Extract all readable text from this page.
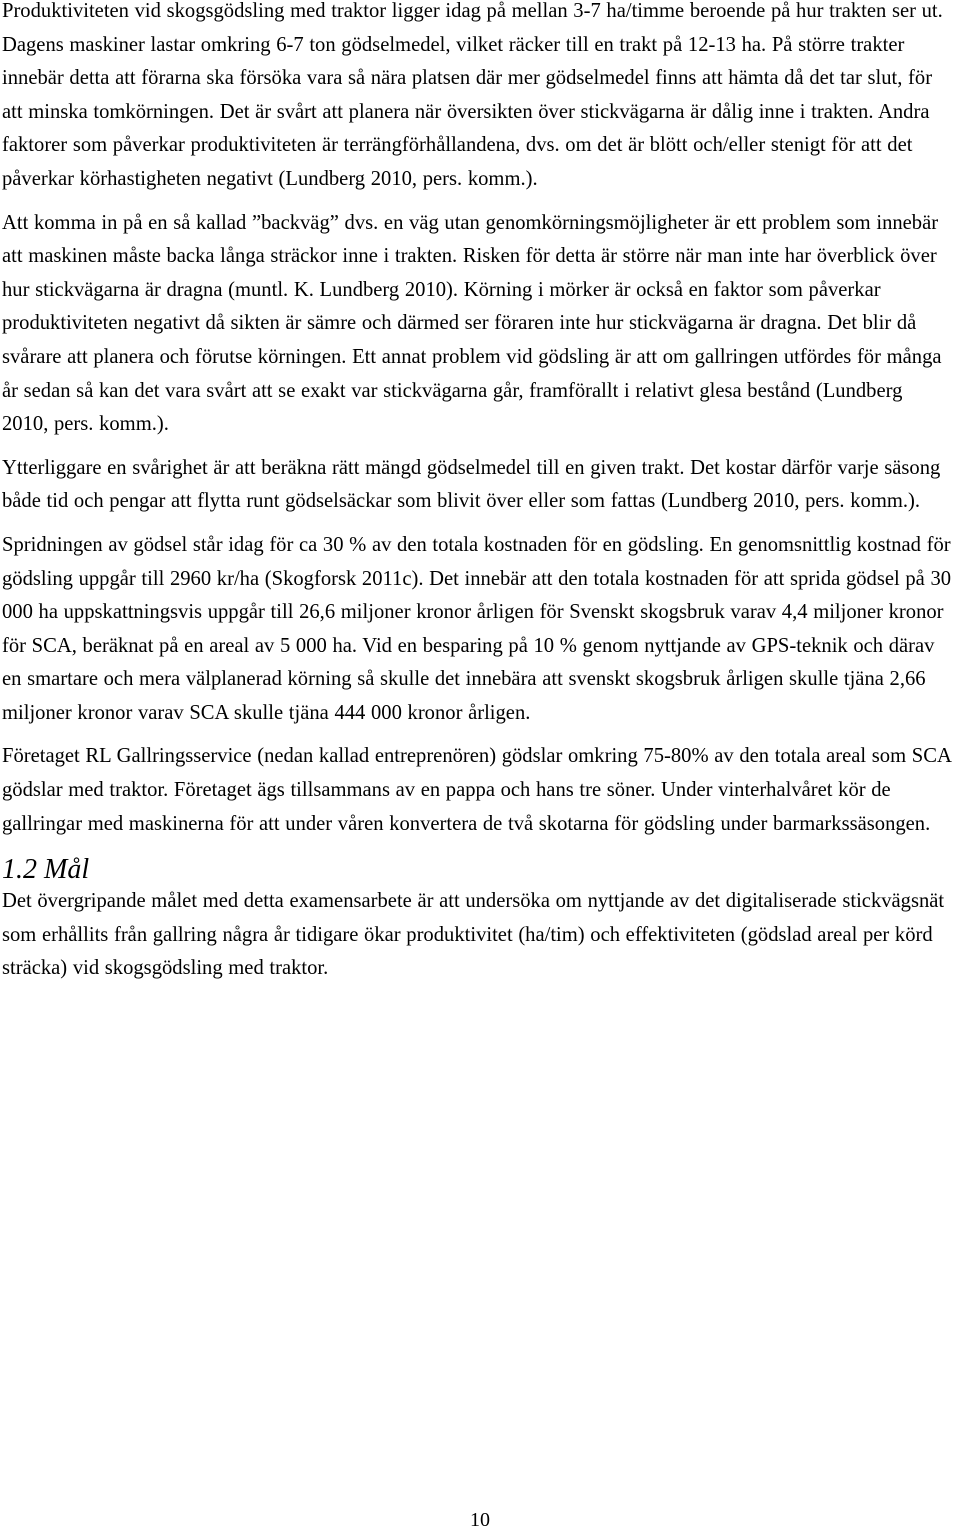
Produktiviteten vid skogsgödsling med traktor ligger idag på mellan 3-7 ha/timme beroende på hur trakten ser ut. Dagens maskiner lastar omkring 6-7 ton gödselmedel, vilket räcker till en trakt på 12-13 ha. På större trakter innebär detta att förarna ska försöka vara så nära platsen där mer gödselmedel finns att hämta då det tar slut, för att minska tomkörningen. Det är svårt att planera när översikten över stickvägarna är dålig inne i trakten. Andra faktorer som påverkar produktiviteten är terrängförhållandena, dvs. om det är blött och/eller stenigt för att det påverkar körhastigheten negativt (Lundberg 2010, pers. komm.).

Att komma in på en så kallad ”backväg” dvs. en väg utan genomkörningsmöjligheter är ett problem som innebär att maskinen måste backa långa sträckor inne i trakten. Risken för detta är större när man inte har överblick över hur stickvägarna är dragna (muntl. K. Lundberg 2010). Körning i mörker är också en faktor som påverkar produktiviteten negativt då sikten är sämre och därmed ser föraren inte hur stickvägarna är dragna. Det blir då svårare att planera och förutse körningen. Ett annat problem vid gödsling är att om gallringen utfördes för många år sedan så kan det vara svårt att se exakt var stickvägarna går, framförallt i relativt glesa bestånd (Lundberg 2010, pers. komm.).

Ytterliggare en svårighet är att beräkna rätt mängd gödselmedel till en given trakt. Det kostar därför varje säsong både tid och pengar att flytta runt gödselsäckar som blivit över eller som fattas (Lundberg 2010, pers. komm.).

Spridningen av gödsel står idag för ca 30 % av den totala kostnaden för en gödsling. En genomsnittlig kostnad för gödsling uppgår till 2960 kr/ha (Skogforsk 2011c). Det innebär att den totala kostnaden för att sprida gödsel på 30 000 ha uppskattningsvis uppgår till 26,6 miljoner kronor årligen för Svenskt skogsbruk varav 4,4 miljoner kronor för SCA, beräknat på en areal av 5 000 ha. Vid en besparing på 10 % genom nyttjande av GPS-teknik och därav en smartare och mera välplanerad körning så skulle det innebära att svenskt skogsbruk årligen skulle tjäna 2,66 miljoner kronor varav SCA skulle tjäna 444 000 kronor årligen.

Företaget RL Gallringsservice (nedan kallad entreprenören) gödslar omkring 75-80% av den totala areal som SCA gödslar med traktor. Företaget ägs tillsammans av en pappa och hans tre söner. Under vinterhalvåret kör de gallringar med maskinerna för att under våren konvertera de två skotarna för gödsling under barmarkssäsongen.

1.2 Mål

Det övergripande målet med detta examensarbete är att undersöka om nyttjande av det digitaliserade stickvägsnät som erhållits från gallring några år tidigare ökar produktivitet (ha/tim) och effektiviteten (gödslad areal per körd sträcka) vid skogsgödsling med traktor.

10
